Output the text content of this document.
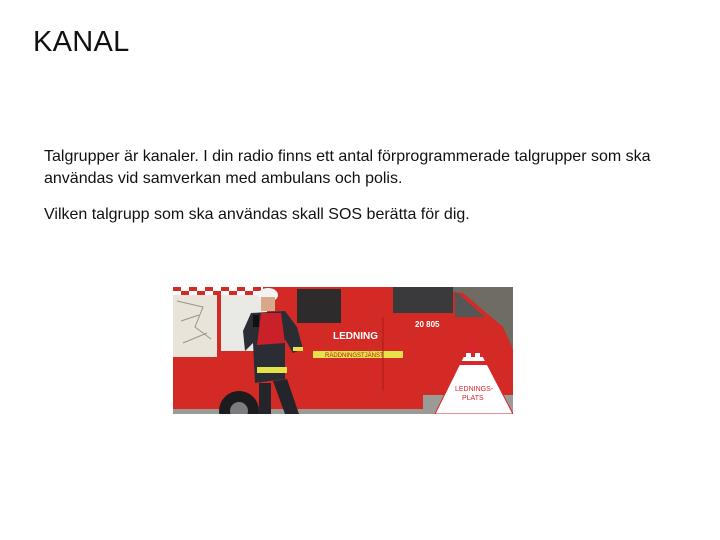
KANAL

Talgrupper är kanaler. I din radio finns ett antal förprogrammerade talgrupper som ska användas vid samverkan med ambulans och polis.

Vilken talgrupp som ska användas skall SOS berätta för dig.

LEDNING
20 805
RÄDDNINGSTJÄNST
LEDNINGS-
PLATS
